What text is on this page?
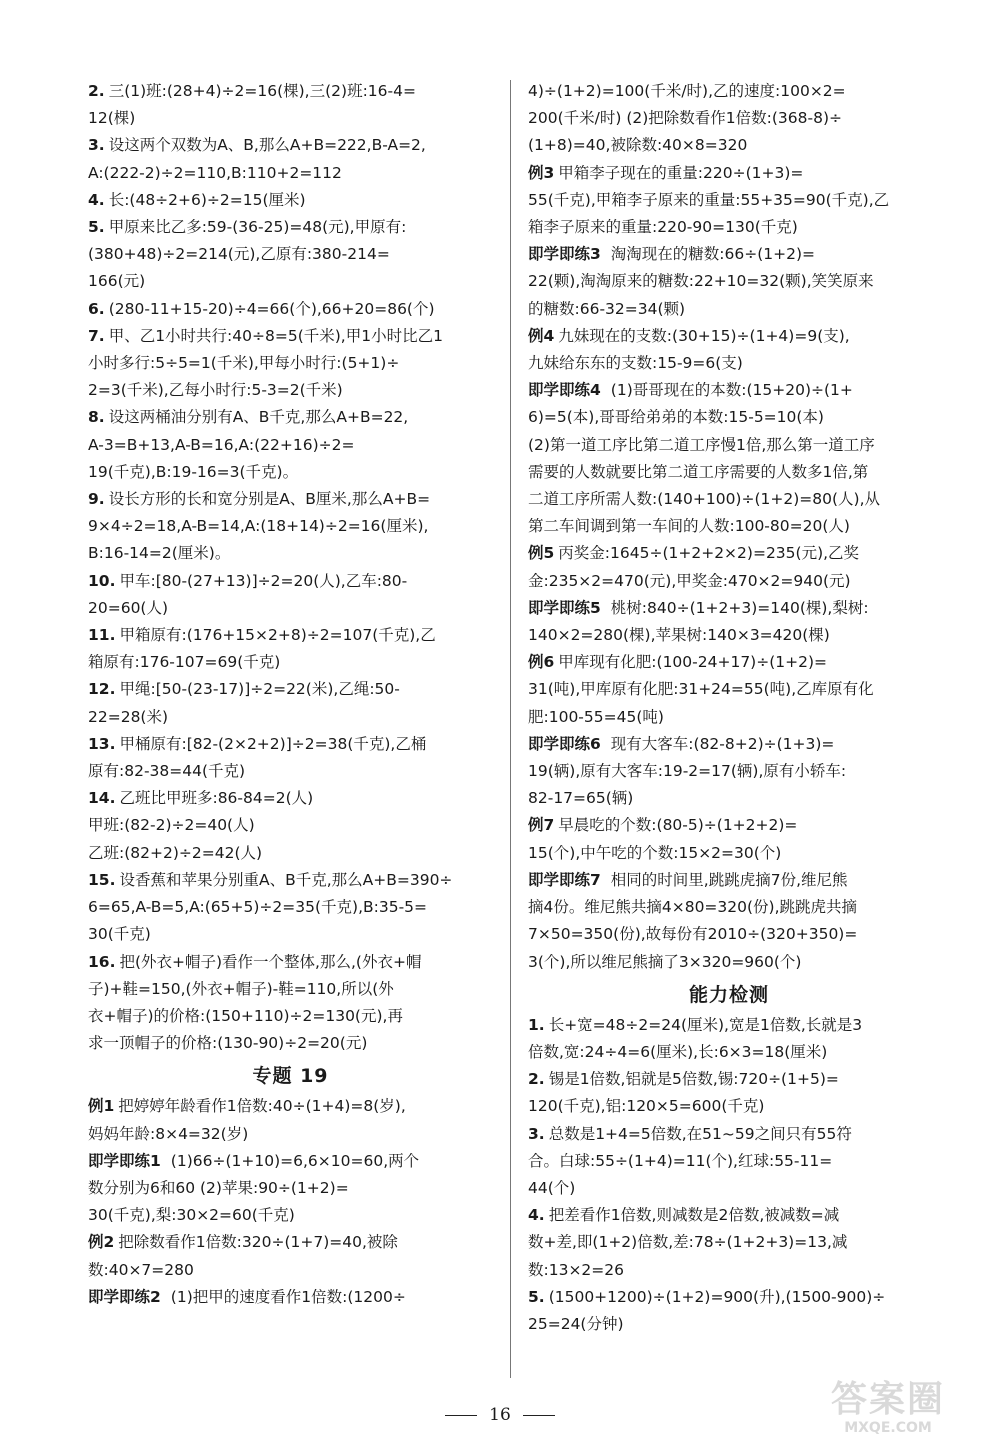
2. 三(1)班:(28+4)÷2=16(棵),三(2)班:16-4=
12(棵)

3. 设这两个双数为A、B,那么A+B=222,B-A=2,
A:(222-2)÷2=110,B:110+2=112

4. 长:(48÷2+6)÷2=15(厘米)

5. 甲原来比乙多:59-(36-25)=48(元),甲原有:
(380+48)÷2=214(元),乙原有:380-214=
166(元)

6. (280-11+15-20)÷4=66(个),66+20=86(个)

7. 甲、乙1小时共行:40÷8=5(千米),甲1小时比乙1
小时多行:5÷5=1(千米),甲每小时行:(5+1)÷
2=3(千米),乙每小时行:5-3=2(千米)

8. 设这两桶油分别有A、B千克,那么A+B=22,
A-3=B+13,A-B=16,A:(22+16)÷2=
19(千克),B:19-16=3(千克)。

9. 设长方形的长和宽分别是A、B厘米,那么A+B=
9×4÷2=18,A-B=14,A:(18+14)÷2=16(厘米),
B:16-14=2(厘米)。

10. 甲车:[80-(27+13)]÷2=20(人),乙车:80-
20=60(人)

11. 甲箱原有:(176+15×2+8)÷2=107(千克),乙
箱原有:176-107=69(千克)

12. 甲绳:[50-(23-17)]÷2=22(米),乙绳:50-
22=28(米)

13. 甲桶原有:[82-(2×2+2)]÷2=38(千克),乙桶
原有:82-38=44(千克)

14. 乙班比甲班多:86-84=2(人)
甲班:(82-2)÷2=40(人)
乙班:(82+2)÷2=42(人)

15. 设香蕉和苹果分别重A、B千克,那么A+B=390÷
6=65,A-B=5,A:(65+5)÷2=35(千克),B:35-5=
30(千克)

16. 把(外衣+帽子)看作一个整体,那么,(外衣+帽
子)+鞋=150,(外衣+帽子)-鞋=110,所以(外
衣+帽子)的价格:(150+110)÷2=130(元),再
求一顶帽子的价格:(130-90)÷2=20(元)

专题 19

例1 把婷婷年龄看作1倍数:40÷(1+4)=8(岁),
妈妈年龄:8×4=32(岁)

即学即练1 (1)66÷(1+10)=6,6×10=60,两个
数分别为6和60 (2)苹果:90÷(1+2)=
30(千克),梨:30×2=60(千克)

例2 把除数看作1倍数:320÷(1+7)=40,被除
数:40×7=280

即学即练2 (1)把甲的速度看作1倍数:(1200÷

4)÷(1+2)=100(千米/时),乙的速度:100×2=
200(千米/时) (2)把除数看作1倍数:(368-8)÷
(1+8)=40,被除数:40×8=320

例3 甲箱李子现在的重量:220÷(1+3)=
55(千克),甲箱李子原来的重量:55+35=90(千克),乙
箱李子原来的重量:220-90=130(千克)

即学即练3 淘淘现在的糖数:66÷(1+2)=
22(颗),淘淘原来的糖数:22+10=32(颗),笑笑原来
的糖数:66-32=34(颗)

例4 九妹现在的支数:(30+15)÷(1+4)=9(支),
九妹给东东的支数:15-9=6(支)

即学即练4 (1)哥哥现在的本数:(15+20)÷(1+
6)=5(本),哥哥给弟弟的本数:15-5=10(本)
(2)第一道工序比第二道工序慢1倍,那么第一道工序
需要的人数就要比第二道工序需要的人数多1倍,第
二道工序所需人数:(140+100)÷(1+2)=80(人),从
第二车间调到第一车间的人数:100-80=20(人)

例5 丙奖金:1645÷(1+2+2×2)=235(元),乙奖
金:235×2=470(元),甲奖金:470×2=940(元)

即学即练5 桃树:840÷(1+2+3)=140(棵),梨树:
140×2=280(棵),苹果树:140×3=420(棵)

例6 甲库现有化肥:(100-24+17)÷(1+2)=
31(吨),甲库原有化肥:31+24=55(吨),乙库原有化
肥:100-55=45(吨)

即学即练6 现有大客车:(82-8+2)÷(1+3)=
19(辆),原有大客车:19-2=17(辆),原有小轿车:
82-17=65(辆)

例7 早晨吃的个数:(80-5)÷(1+2+2)=
15(个),中午吃的个数:15×2=30(个)

即学即练7 相同的时间里,跳跳虎摘7份,维尼熊
摘4份。维尼熊共摘4×80=320(份),跳跳虎共摘
7×50=350(份),故每份有2010÷(320+350)=
3(个),所以维尼熊摘了3×320=960(个)

能力检测

1. 长+宽=48÷2=24(厘米),宽是1倍数,长就是3
倍数,宽:24÷4=6(厘米),长:6×3=18(厘米)

2. 锡是1倍数,铝就是5倍数,锡:720÷(1+5)=
120(千克),铝:120×5=600(千克)

3. 总数是1+4=5倍数,在51~59之间只有55符
合。白球:55÷(1+4)=11(个),红球:55-11=
44(个)

4. 把差看作1倍数,则减数是2倍数,被减数=减
数+差,即(1+2)倍数,差:78÷(1+2+3)=13,减
数:13×2=26

5. (1500+1200)÷(1+2)=900(升),(1500-900)÷
25=24(分钟)

16	答案圈
MXQE.COM
